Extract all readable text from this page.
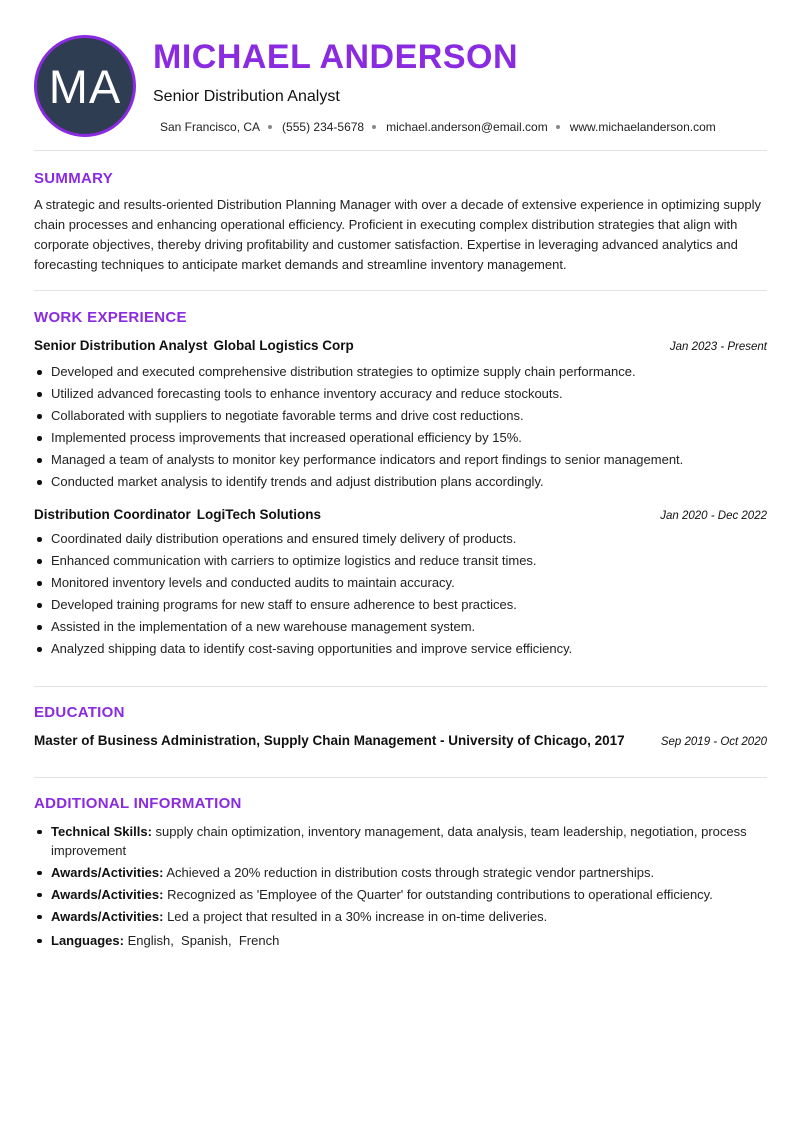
MA
MICHAEL ANDERSON
Senior Distribution Analyst
San Francisco, CA (555) 234-5678 michael.anderson@email.com www.michaelanderson.com
SUMMARY
A strategic and results-oriented Distribution Planning Manager with over a decade of extensive experience in optimizing supply chain processes and enhancing operational efficiency. Proficient in executing complex distribution strategies that align with corporate objectives, thereby driving profitability and customer satisfaction. Expertise in leveraging advanced analytics and forecasting techniques to anticipate market demands and streamline inventory management.
WORK EXPERIENCE
Senior Distribution Analyst Global Logistics Corp	Jan 2023 - Present
Developed and executed comprehensive distribution strategies to optimize supply chain performance.
Utilized advanced forecasting tools to enhance inventory accuracy and reduce stockouts.
Collaborated with suppliers to negotiate favorable terms and drive cost reductions.
Implemented process improvements that increased operational efficiency by 15%.
Managed a team of analysts to monitor key performance indicators and report findings to senior management.
Conducted market analysis to identify trends and adjust distribution plans accordingly.
Distribution Coordinator LogiTech Solutions	Jan 2020 - Dec 2022
Coordinated daily distribution operations and ensured timely delivery of products.
Enhanced communication with carriers to optimize logistics and reduce transit times.
Monitored inventory levels and conducted audits to maintain accuracy.
Developed training programs for new staff to ensure adherence to best practices.
Assisted in the implementation of a new warehouse management system.
Analyzed shipping data to identify cost-saving opportunities and improve service efficiency.
EDUCATION
Master of Business Administration, Supply Chain Management - University of Chicago, 2017	Sep 2019 - Oct 2020
ADDITIONAL INFORMATION
Technical Skills: supply chain optimization, inventory management, data analysis, team leadership, negotiation, process improvement
Awards/Activities: Achieved a 20% reduction in distribution costs through strategic vendor partnerships.
Awards/Activities: Recognized as 'Employee of the Quarter' for outstanding contributions to operational efficiency.
Awards/Activities: Led a project that resulted in a 30% increase in on-time deliveries.
Languages: English,  Spanish,  French
